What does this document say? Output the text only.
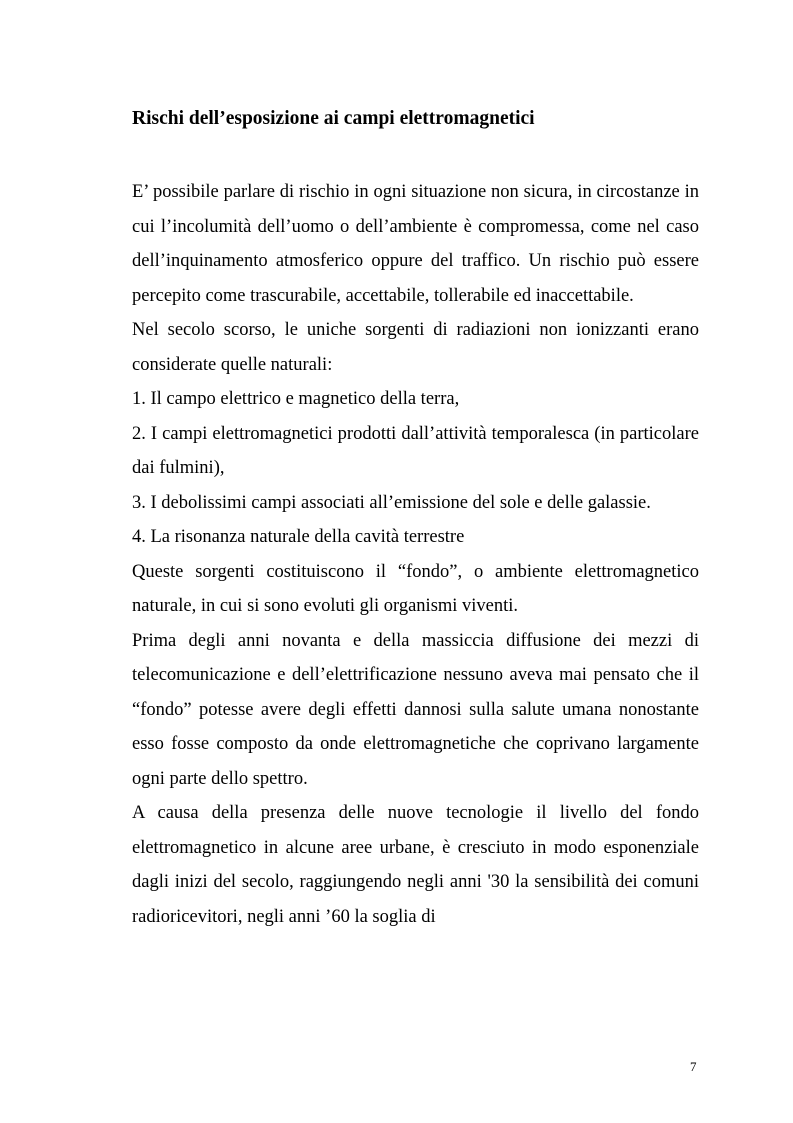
Rischi dell’esposizione ai campi elettromagnetici

E’ possibile parlare di rischio in ogni situazione non sicura, in circostanze in cui l’incolumità dell’uomo o dell’ambiente è compromessa, come nel caso dell’inquinamento atmosferico oppure del traffico. Un rischio può essere percepito come trascurabile, accettabile, tollerabile ed inaccettabile.

Nel secolo scorso, le uniche sorgenti di radiazioni non ionizzanti erano considerate quelle naturali:

1. Il campo elettrico e magnetico della terra,

2. I campi elettromagnetici prodotti dall’attività temporalesca (in particolare dai fulmini),

3. I debolissimi campi associati all’emissione del sole e delle galassie.

4. La risonanza naturale della cavità terrestre

Queste sorgenti costituiscono il “fondo”, o ambiente elettromagnetico naturale, in cui si sono evoluti gli organismi viventi.

Prima degli anni novanta e della massiccia diffusione dei mezzi di telecomunicazione e dell’elettrificazione nessuno aveva mai pensato che il “fondo” potesse avere degli effetti dannosi sulla salute umana nonostante esso fosse composto da onde elettromagnetiche che coprivano largamente ogni parte dello spettro.

A causa della presenza delle nuove tecnologie il livello del fondo elettromagnetico in alcune aree urbane, è cresciuto in modo esponenziale dagli inizi del secolo, raggiungendo negli anni '30 la sensibilità dei comuni radioricevitori, negli anni ’60 la soglia di

7
